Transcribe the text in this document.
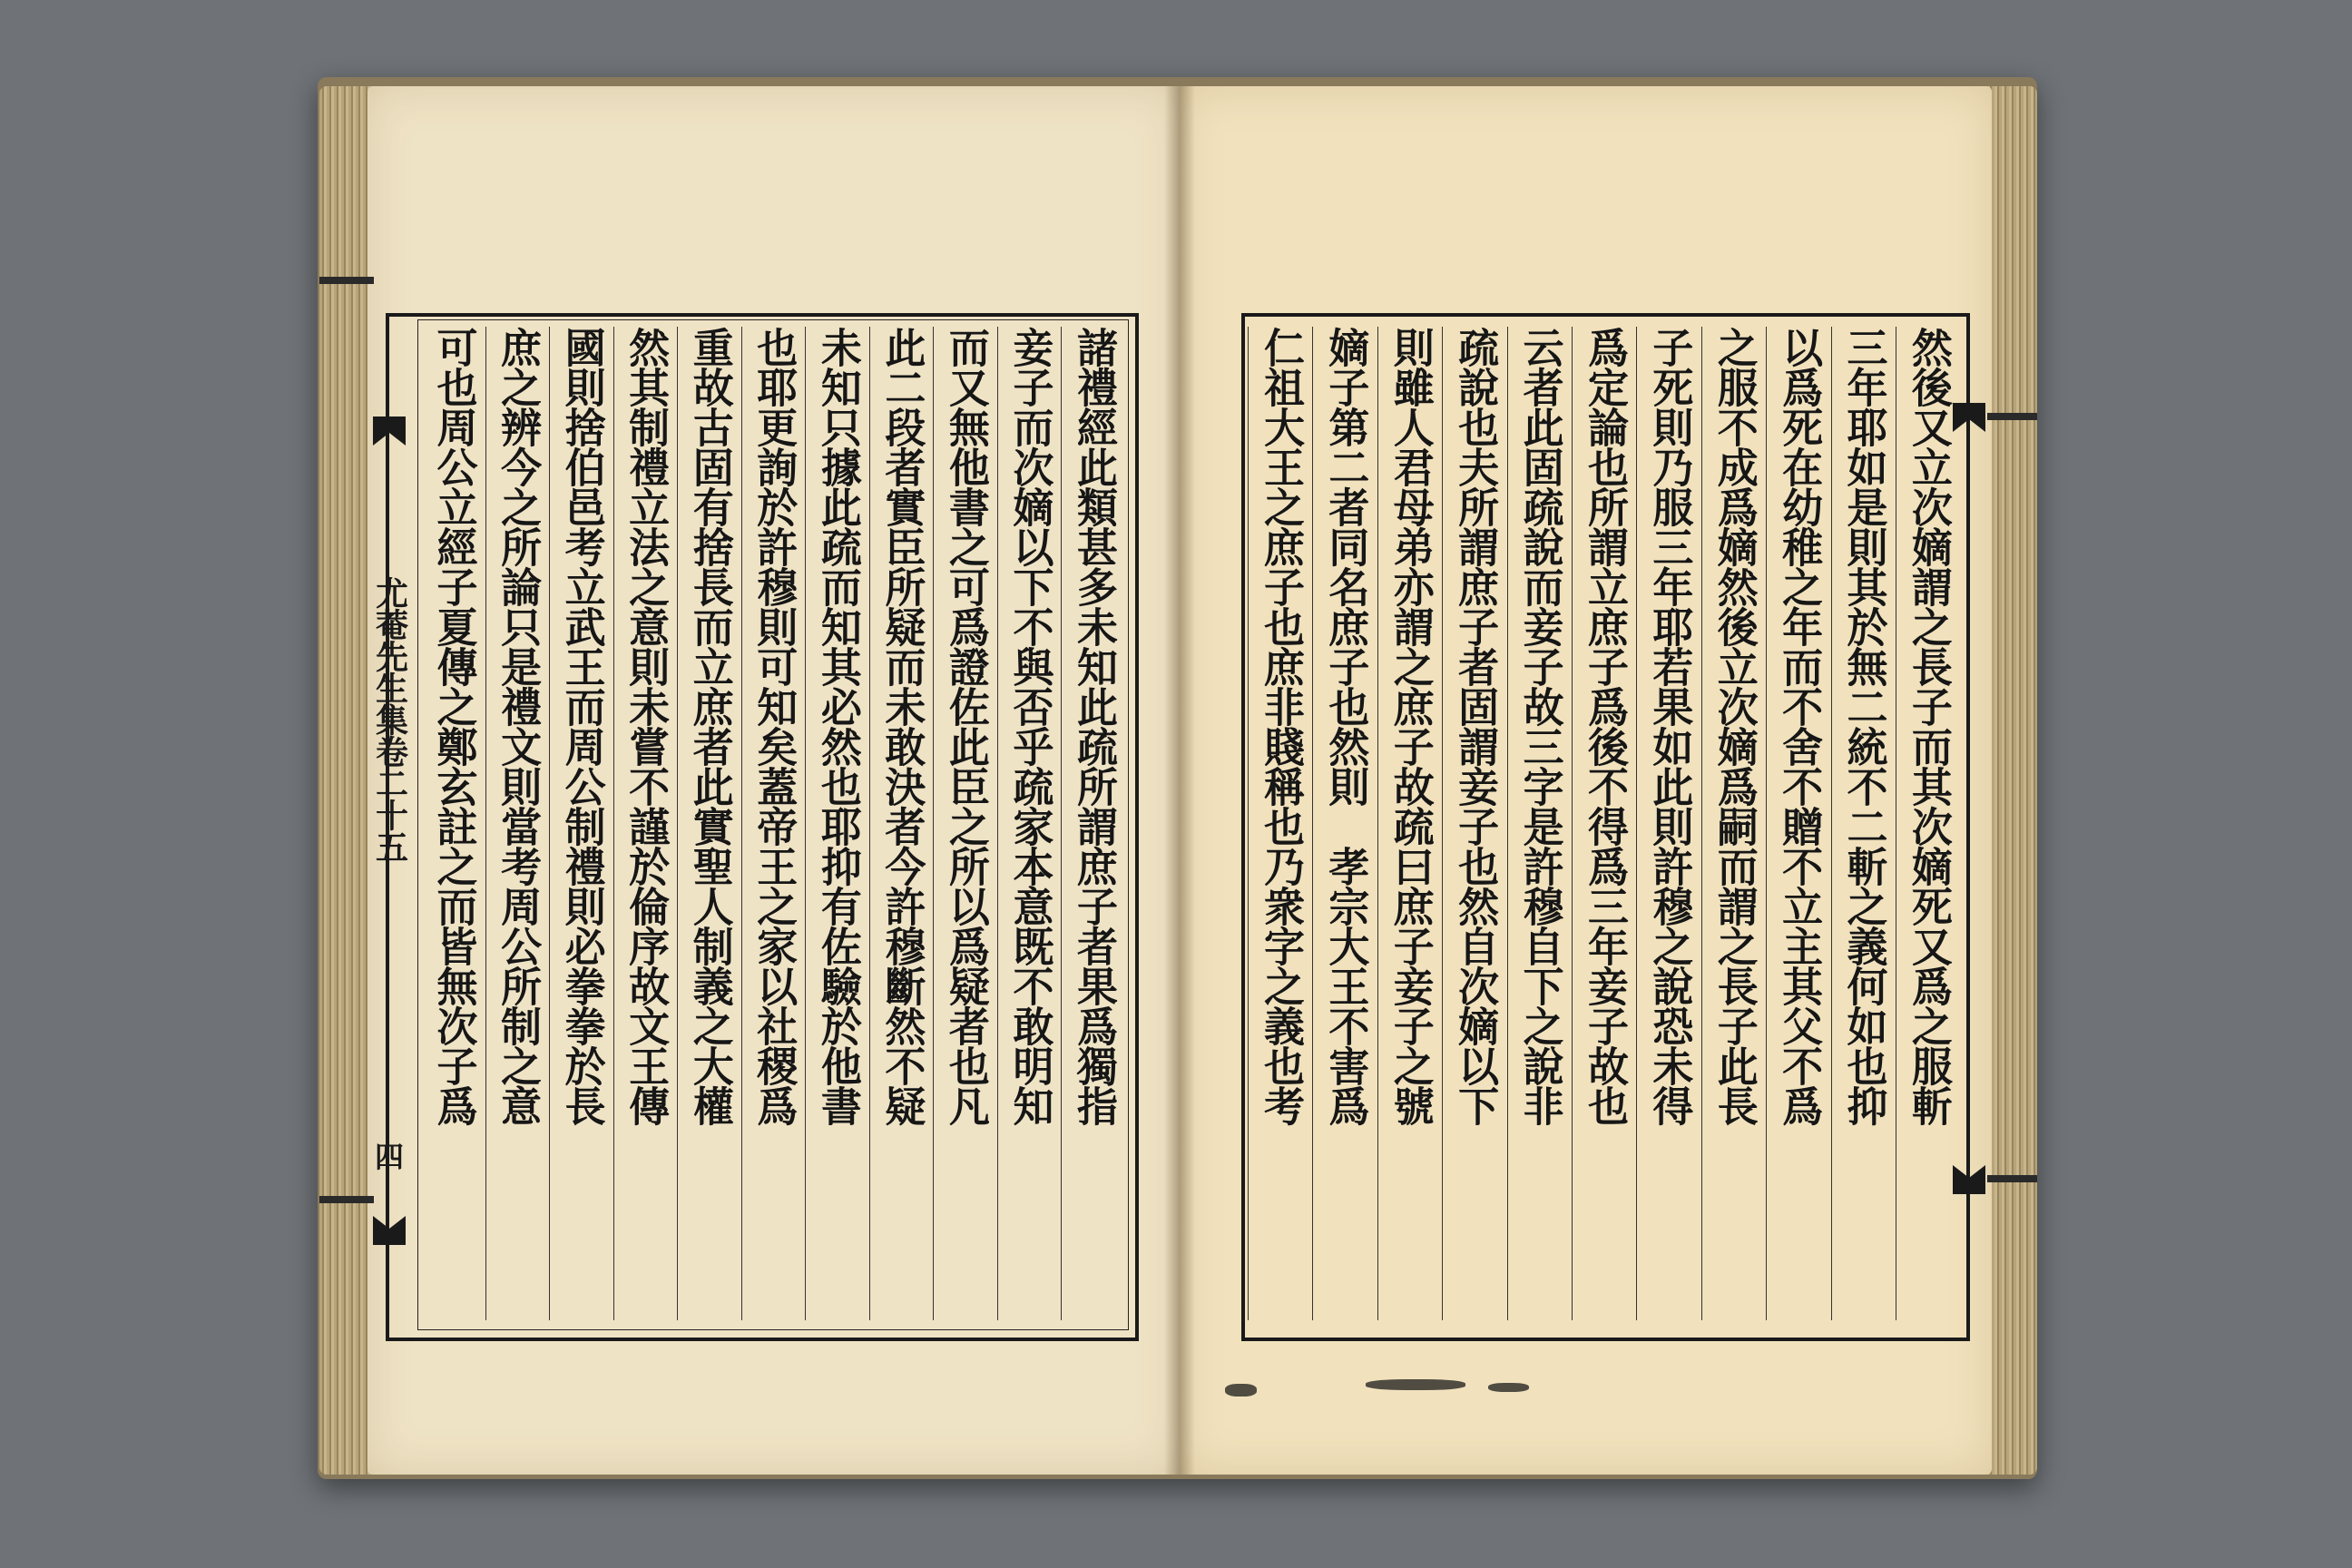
尤菴先生集卷二十五
四
諸禮經此類甚多未知此疏所謂庶子者果爲獨指
妾子而次嫡以下不與否乎疏家本意既不敢明知
而又無他書之可爲證佐此臣之所以爲疑者也凡
此二段者實臣所疑而未敢決者今許穆斷然不疑
未知只據此疏而知其必然也耶抑有佐驗於他書
也耶更詢於許穆則可知矣蓋帝王之家以社稷爲
重故古固有捨長而立庶者此實聖人制義之大權
然其制禮立法之意則未嘗不謹於倫序故文王傳
國則捨伯邑考立武王而周公制禮則必拳拳於長
庶之辨今之所論只是禮文則當考周公所制之意
可也周公立經子夏傳之鄭玄註之而皆無次子爲	然後又立次嫡謂之長子而其次嫡死又爲之服斬
三年耶如是則其於無二統不二斬之義何如也抑
以爲死在幼稚之年而不舍不贈不立主其父不爲
之服不成爲嫡然後立次嫡爲嗣而謂之長子此長
子死則乃服三年耶若果如此則許穆之說恐未得
爲定論也所謂立庶子爲後不得爲三年妾子故也
云者此固疏說而妾子故三字是許穆自下之說非
疏說也夫所謂庶子者固謂妾子也然自次嫡以下
則雖人君母弟亦謂之庶子故疏曰庶子妾子之號
嫡子第二者同名庶子也然則　孝宗大王不害爲
仁祖大王之庶子也庶非賤稱也乃衆字之義也考
